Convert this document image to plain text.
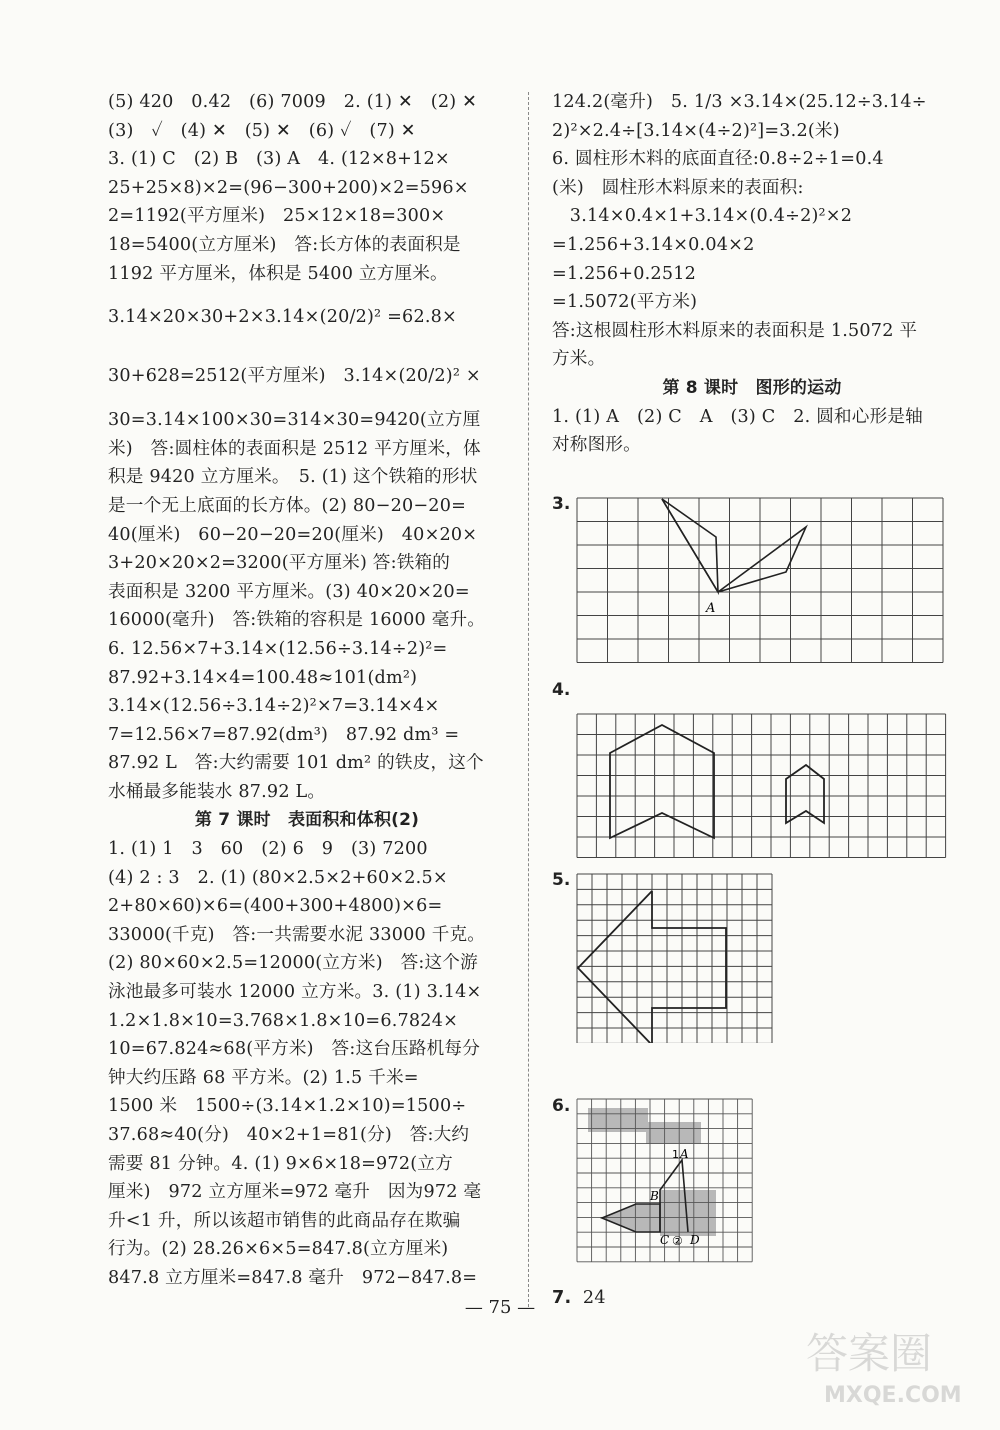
(5) 420　0.42　(6) 7009　2. (1) ✕　(2) ✕
(3)　✓　(4) ✕　(5) ✕　(6) ✓　(7) ✕
3. (1) C　(2) B　(3) A　4. (12×8+12×
25+25×8)×2=(96−300+200)×2=596×
2=1192(平方厘米)　25×12×18=300×
18=5400(立方厘米)　答:长方体的表面积是
1192 平方厘米，体积是 5400 立方厘米。
3.14×20×30+2×3.14×(20/2)² =62.8×
30+628=2512(平方厘米)　3.14×(20/2)² ×
30=3.14×100×30=314×30=9420(立方厘
米)　答:圆柱体的表面积是 2512 平方厘米，体
积是 9420 立方厘米。　5. (1) 这个铁箱的形状
是一个无上底面的长方体。(2) 80−20−20=
40(厘米)　60−20−20=20(厘米)　40×20×
3+20×20×2=3200(平方厘米) 答:铁箱的
表面积是 3200 平方厘米。(3) 40×20×20=
16000(毫升)　答:铁箱的容积是 16000 毫升。
6. 12.56×7+3.14×(12.56÷3.14÷2)²=
87.92+3.14×4=100.48≈101(dm²)
3.14×(12.56÷3.14÷2)²×7=3.14×4×
7=12.56×7=87.92(dm³)　87.92 dm³ =
87.92 L　答:大约需要 101 dm² 的铁皮，这个
水桶最多能装水 87.92 L。
第 7 课时　表面积和体积(2)
1. (1) 1　3　60　(2) 6　9　(3) 7200
(4) 2 : 3　2. (1) (80×2.5×2+60×2.5×
2+80×60)×6=(400+300+4800)×6=
33000(千克)　答:一共需要水泥 33000 千克。
(2) 80×60×2.5=12000(立方米)　答:这个游
泳池最多可装水 12000 立方米。3. (1) 3.14×
1.2×1.8×10=3.768×1.8×10=6.7824×
10=67.824≈68(平方米)　答:这台压路机每分
钟大约压路 68 平方米。(2) 1.5 千米=
1500 米　1500÷(3.14×1.2×10)=1500÷
37.68≈40(分)　40×2+1=81(分)　答:大约
需要 81 分钟。4. (1) 9×6×18=972(立方
厘米)　972 立方厘米=972 毫升　因为972 毫
升<1 升，所以该超市销售的此商品存在欺骗
行为。(2) 28.26×6×5=847.8(立方厘米)
847.8 立方厘米=847.8 毫升　972−847.8=
124.2(毫升)　5. 1/3 ×3.14×(25.12÷3.14÷
2)²×2.4÷[3.14×(4÷2)²]=3.2(米)
6. 圆柱形木料的底面直径:0.8÷2÷1=0.4
(米)　圆柱形木料原来的表面积:
　3.14×0.4×1+3.14×(0.4÷2)²×2
=1.256+3.14×0.04×2
=1.256+0.2512
=1.5072(平方米)
答:这根圆柱形木料原来的表面积是 1.5072 平
方米。
第 8 课时　图形的运动
1. (1) A　(2) C　A　(3) C　2. 圆和心形是轴
对称图形。
3.
4.
5.
6.
7. 24
A
A
1
B
C ② D
— 75 —
答案圈
MXQE.COM
